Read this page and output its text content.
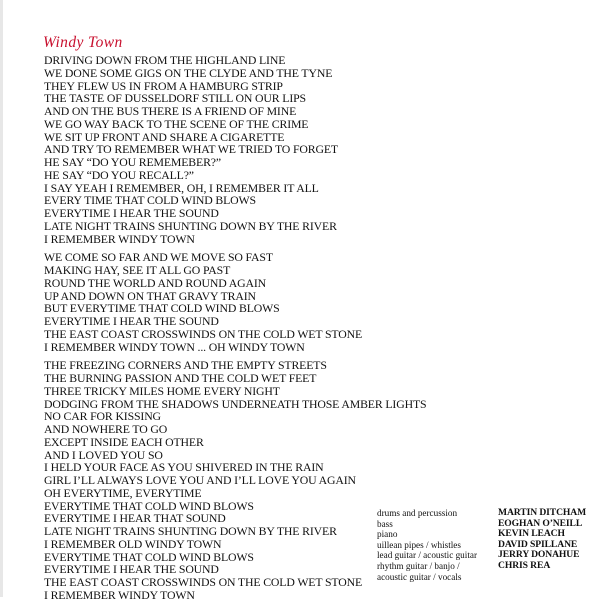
Windy Town
DRIVING DOWN FROM THE HIGHLAND LINE
WE DONE SOME GIGS ON THE CLYDE AND THE TYNE
THEY FLEW US IN FROM A HAMBURG STRIP
THE TASTE OF DUSSELDORF STILL ON OUR LIPS
AND ON THE BUS THERE IS A FRIEND OF MINE
WE GO WAY BACK TO THE SCENE OF THE CRIME
WE SIT UP FRONT AND SHARE A CIGARETTE
AND TRY TO REMEMBER WHAT WE TRIED TO FORGET
HE SAY “DO YOU REMEMEBER?”
HE SAY “DO YOU RECALL?”
I SAY YEAH I REMEMBER, OH, I REMEMBER IT ALL
EVERY TIME THAT COLD WIND BLOWS
EVERYTIME I HEAR THE SOUND
LATE NIGHT TRAINS SHUNTING DOWN BY THE RIVER
I REMEMBER WINDY TOWN
WE COME SO FAR AND WE MOVE SO FAST
MAKING HAY, SEE IT ALL GO PAST
ROUND THE WORLD AND ROUND AGAIN
UP AND DOWN ON THAT GRAVY TRAIN
BUT EVERYTIME THAT COLD WIND BLOWS
EVERYTIME I HEAR THE SOUND
THE EAST COAST CROSSWINDS ON THE COLD WET STONE
I REMEMBER WINDY TOWN ... OH WINDY TOWN
THE FREEZING CORNERS AND THE EMPTY STREETS
THE BURNING PASSION AND THE COLD WET FEET
THREE TRICKY MILES HOME EVERY NIGHT
DODGING FROM THE SHADOWS UNDERNEATH THOSE AMBER LIGHTS
NO CAR FOR KISSING
AND NOWHERE TO GO
EXCEPT INSIDE EACH OTHER
AND I LOVED YOU SO
I HELD YOUR FACE AS YOU SHIVERED IN THE RAIN
GIRL I’LL ALWAYS LOVE YOU AND I’LL LOVE YOU AGAIN
OH EVERYTIME, EVERYTIME
EVERYTIME THAT COLD WIND BLOWS
EVERYTIME I HEAR THAT SOUND
LATE NIGHT TRAINS SHUNTING DOWN BY THE RIVER
I REMEMBER OLD WINDY TOWN
EVERYTIME THAT COLD WIND BLOWS
EVERYTIME I HEAR THE SOUND
THE EAST COAST CROSSWINDS ON THE COLD WET STONE
I REMEMBER WINDY TOWN
drums and percussion	MARTIN DITCHAM
bass	EOGHAN O’NEILL
piano	KEVIN LEACH
uillean pipes / whistles	DAVID SPILLANE
lead guitar / acoustic guitar	JERRY DONAHUE
rhythm guitar / banjo /	CHRIS REA
acoustic guitar / vocals
